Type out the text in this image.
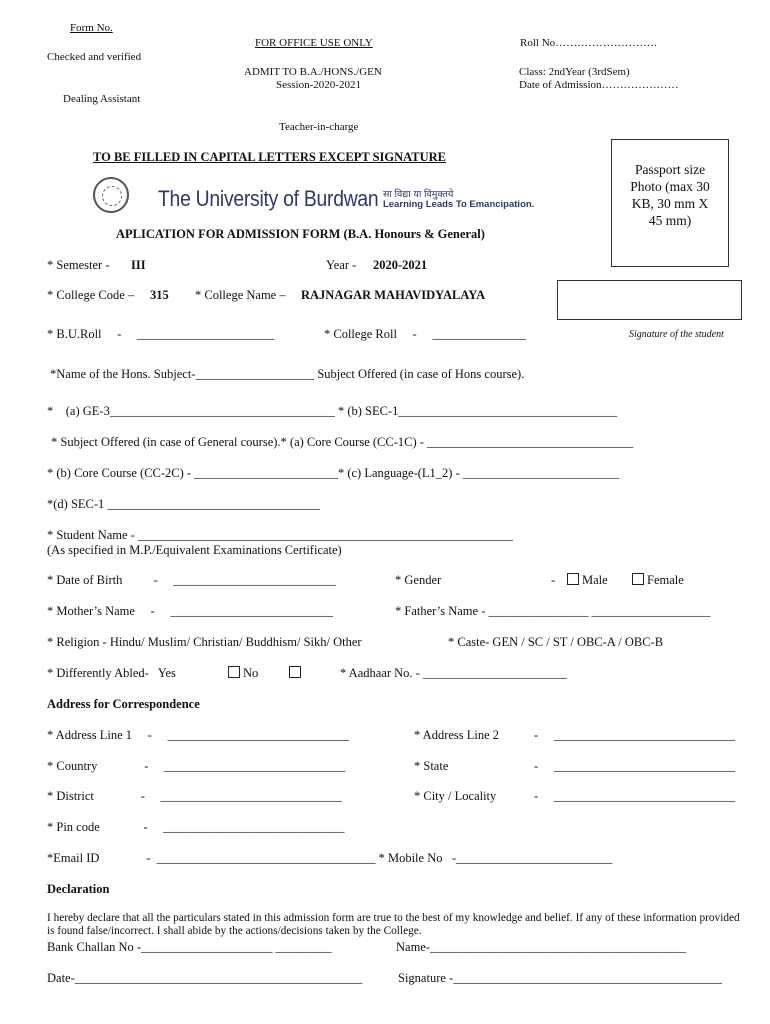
Form No.
Checked and verified
Dealing Assistant
FOR OFFICE USE ONLY
ADMIT TO B.A./HONS./GEN
Session-2020-2021
Teacher-in-charge
Roll No……………………….
Class: 2ndYear (3rdSem)
Date of Admission…………………
TO BE FILLED IN CAPITAL LETTERS EXCEPT SIGNATURE
The University of Burdwan सा विद्या या विमुक्तये
Learning Leads To Emancipation.
APLICATION FOR ADMISSION FORM (B.A. Honours & General)
Passport size
Photo (max 30
KB, 30 mm X
45 mm)
Signature of the student
* Semester - III	Year - 2020-2021
* College Code – 315 * College Name – RAJNAGAR MAHAVIDYALAYA
* B.U.Roll     -     ______________________	* College Roll     -     _______________
*Name of the Hons. Subject-___________________ Subject Offered (in case of Hons course).
*    (a) GE-3____________________________________ * (b) SEC-1___________________________________
* Subject Offered (in case of General course).* (a) Core Course (CC-1C) - _________________________________
* (b) Core Course (CC-2C) - _______________________* (c) Language-(L1_2) - _________________________
*(d) SEC-1 __________________________________
* Student Name - ____________________________________________________________
(As specified in M.P./Equivalent Examinations Certificate)
* Date of Birth          -     __________________________	* Gender	-	Male	Female
* Mother’s Name     -     __________________________	* Father’s Name - ________________ ___________________
* Religion - Hindu/ Muslim/ Christian/ Buddhism/ Sikh/ Other	* Caste- GEN / SC / ST / OBC-A / OBC-B
* Differently Abled-   Yes	No	* Aadhaar No. - _______________________
Address for Correspondence
* Address Line 1     -     _____________________________	* Address Line 2	-     _____________________________
* Country               -     _____________________________	* State	-     _____________________________
* District               -     _____________________________	* City / Locality	-     _____________________________
* Pin code              -     _____________________________
*Email ID               -  ___________________________________ * Mobile No   -_________________________
Declaration
I hereby declare that all the particulars stated in this admission form are true to the best of my knowledge and belief. If any of these information provided is found false/incorrect. I shall abide by the actions/decisions taken by the College.
Bank Challan No -_____________________ _________	Name-_________________________________________
Date-______________________________________________	Signature -___________________________________________
